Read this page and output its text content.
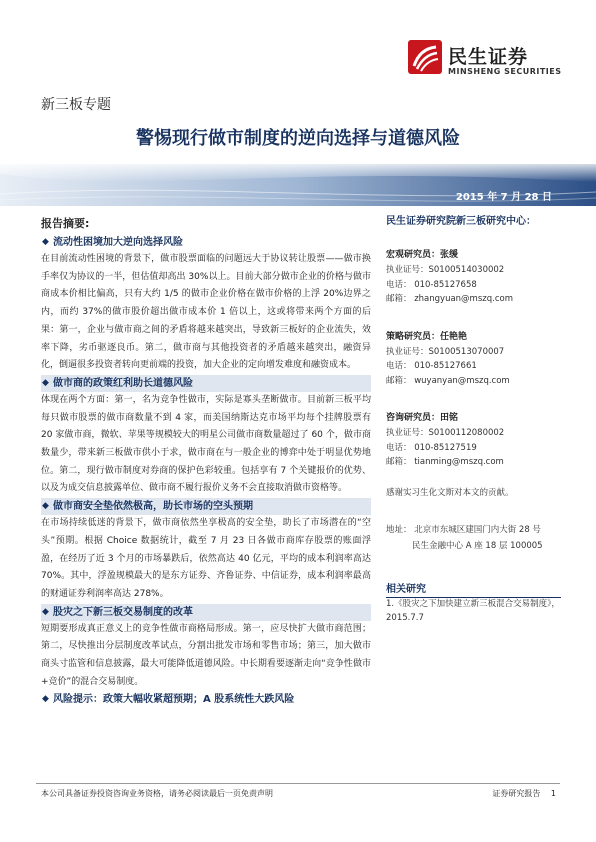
民生证券
MINSHENG SECURITIES
新三板专题
警惕现行做市制度的逆向选择与道德风险
2015 年 7 月 28 日
报告摘要:
◆ 流动性困境加大逆向选择风险

在目前流动性困境的背景下，做市股票面临的问题远大于协议转让股票——做市换手率仅为协议的一半，但估值却高出 30%以上。目前大部分做市企业的价格与做市商成本价相比偏高，只有大约 1/5 的做市企业价格在做市价格的上浮 20%边界之内，而约 37%的做市股价超出做市成本价 1 倍以上，这或将带来两个方面的后果：第一，企业与做市商之间的矛盾将越来越突出，导致新三板好的企业流失，效率下降，劣币驱逐良币。第二，做市商与其他投资者的矛盾越来越突出，融资异化，倒逼很多投资者转向更前端的投资，加大企业的定向增发难度和融资成本。

◆ 做市商的政策红利助长道德风险

体现在两个方面：第一，名为竞争性做市，实际是寡头垄断做市。目前新三板平均每只做市股票的做市商数量不到 4 家，而美国纳斯达克市场平均每个挂牌股票有 20 家做市商，微软、苹果等规模较大的明星公司做市商数量超过了 60 个，做市商数量少，带来新三板做市供小于求，做市商在与一般企业的博弈中处于明显优势地位。第二，现行做市制度对券商的保护色彩较重。包括享有 7 个关键报价的优势、以及为成交信息披露单位、做市商不履行报价义务不会直接取消做市资格等。

◆ 做市商安全垫依然极高，助长市场的空头预期

在市场持续低迷的背景下，做市商依然坐享极高的安全垫，助长了市场潜在的“空头”预期。根据 Choice 数据统计，截至 7 月 23 日各做市商库存股票的账面浮盈，在经历了近 3 个月的市场暴跌后，依然高达 40 亿元，平均的成本利润率高达 70%。其中，浮盈规模最大的是东方证券、齐鲁证券、中信证券，成本利润率最高的财通证券利润率高达 278%。

◆ 股灾之下新三板交易制度的改革

短期要形成真正意义上的竞争性做市商格局形成。第一，应尽快扩大做市商范围；第二，尽快推出分层制度改革试点，分割出批发市场和零售市场；第三，加大做市商头寸监管和信息披露，最大可能降低道德风险。中长期看要逐渐走向“竞争性做市+竞价”的混合交易制度。

◆ 风险提示：政策大幅收紧超预期；A 股系统性大跌风险
民生证券研究院新三板研究中心：
宏观研究员：张缓
执业证号：S0100514030002
电话： 010-85127658
邮箱： zhangyuan@mszq.com
策略研究员：任艳艳
执业证号：S0100513070007
电话： 010-85127661
邮箱： wuyanyan@mszq.com
咨询研究员：田铭
执业证号：S0100112080002
电话： 010-85127519
邮箱： tianming@mszq.com
感谢实习生化文斯对本文的贡献。
地址： 北京市东城区建国门内大街 28 号
民生金融中心 A 座 18 层 100005
相关研究
1.《股灾之下加快建立新三板混合交易制度》，2015.7.7
本公司具备证券投资咨询业务资格，请务必阅读最后一页免责声明	证券研究报告 1
